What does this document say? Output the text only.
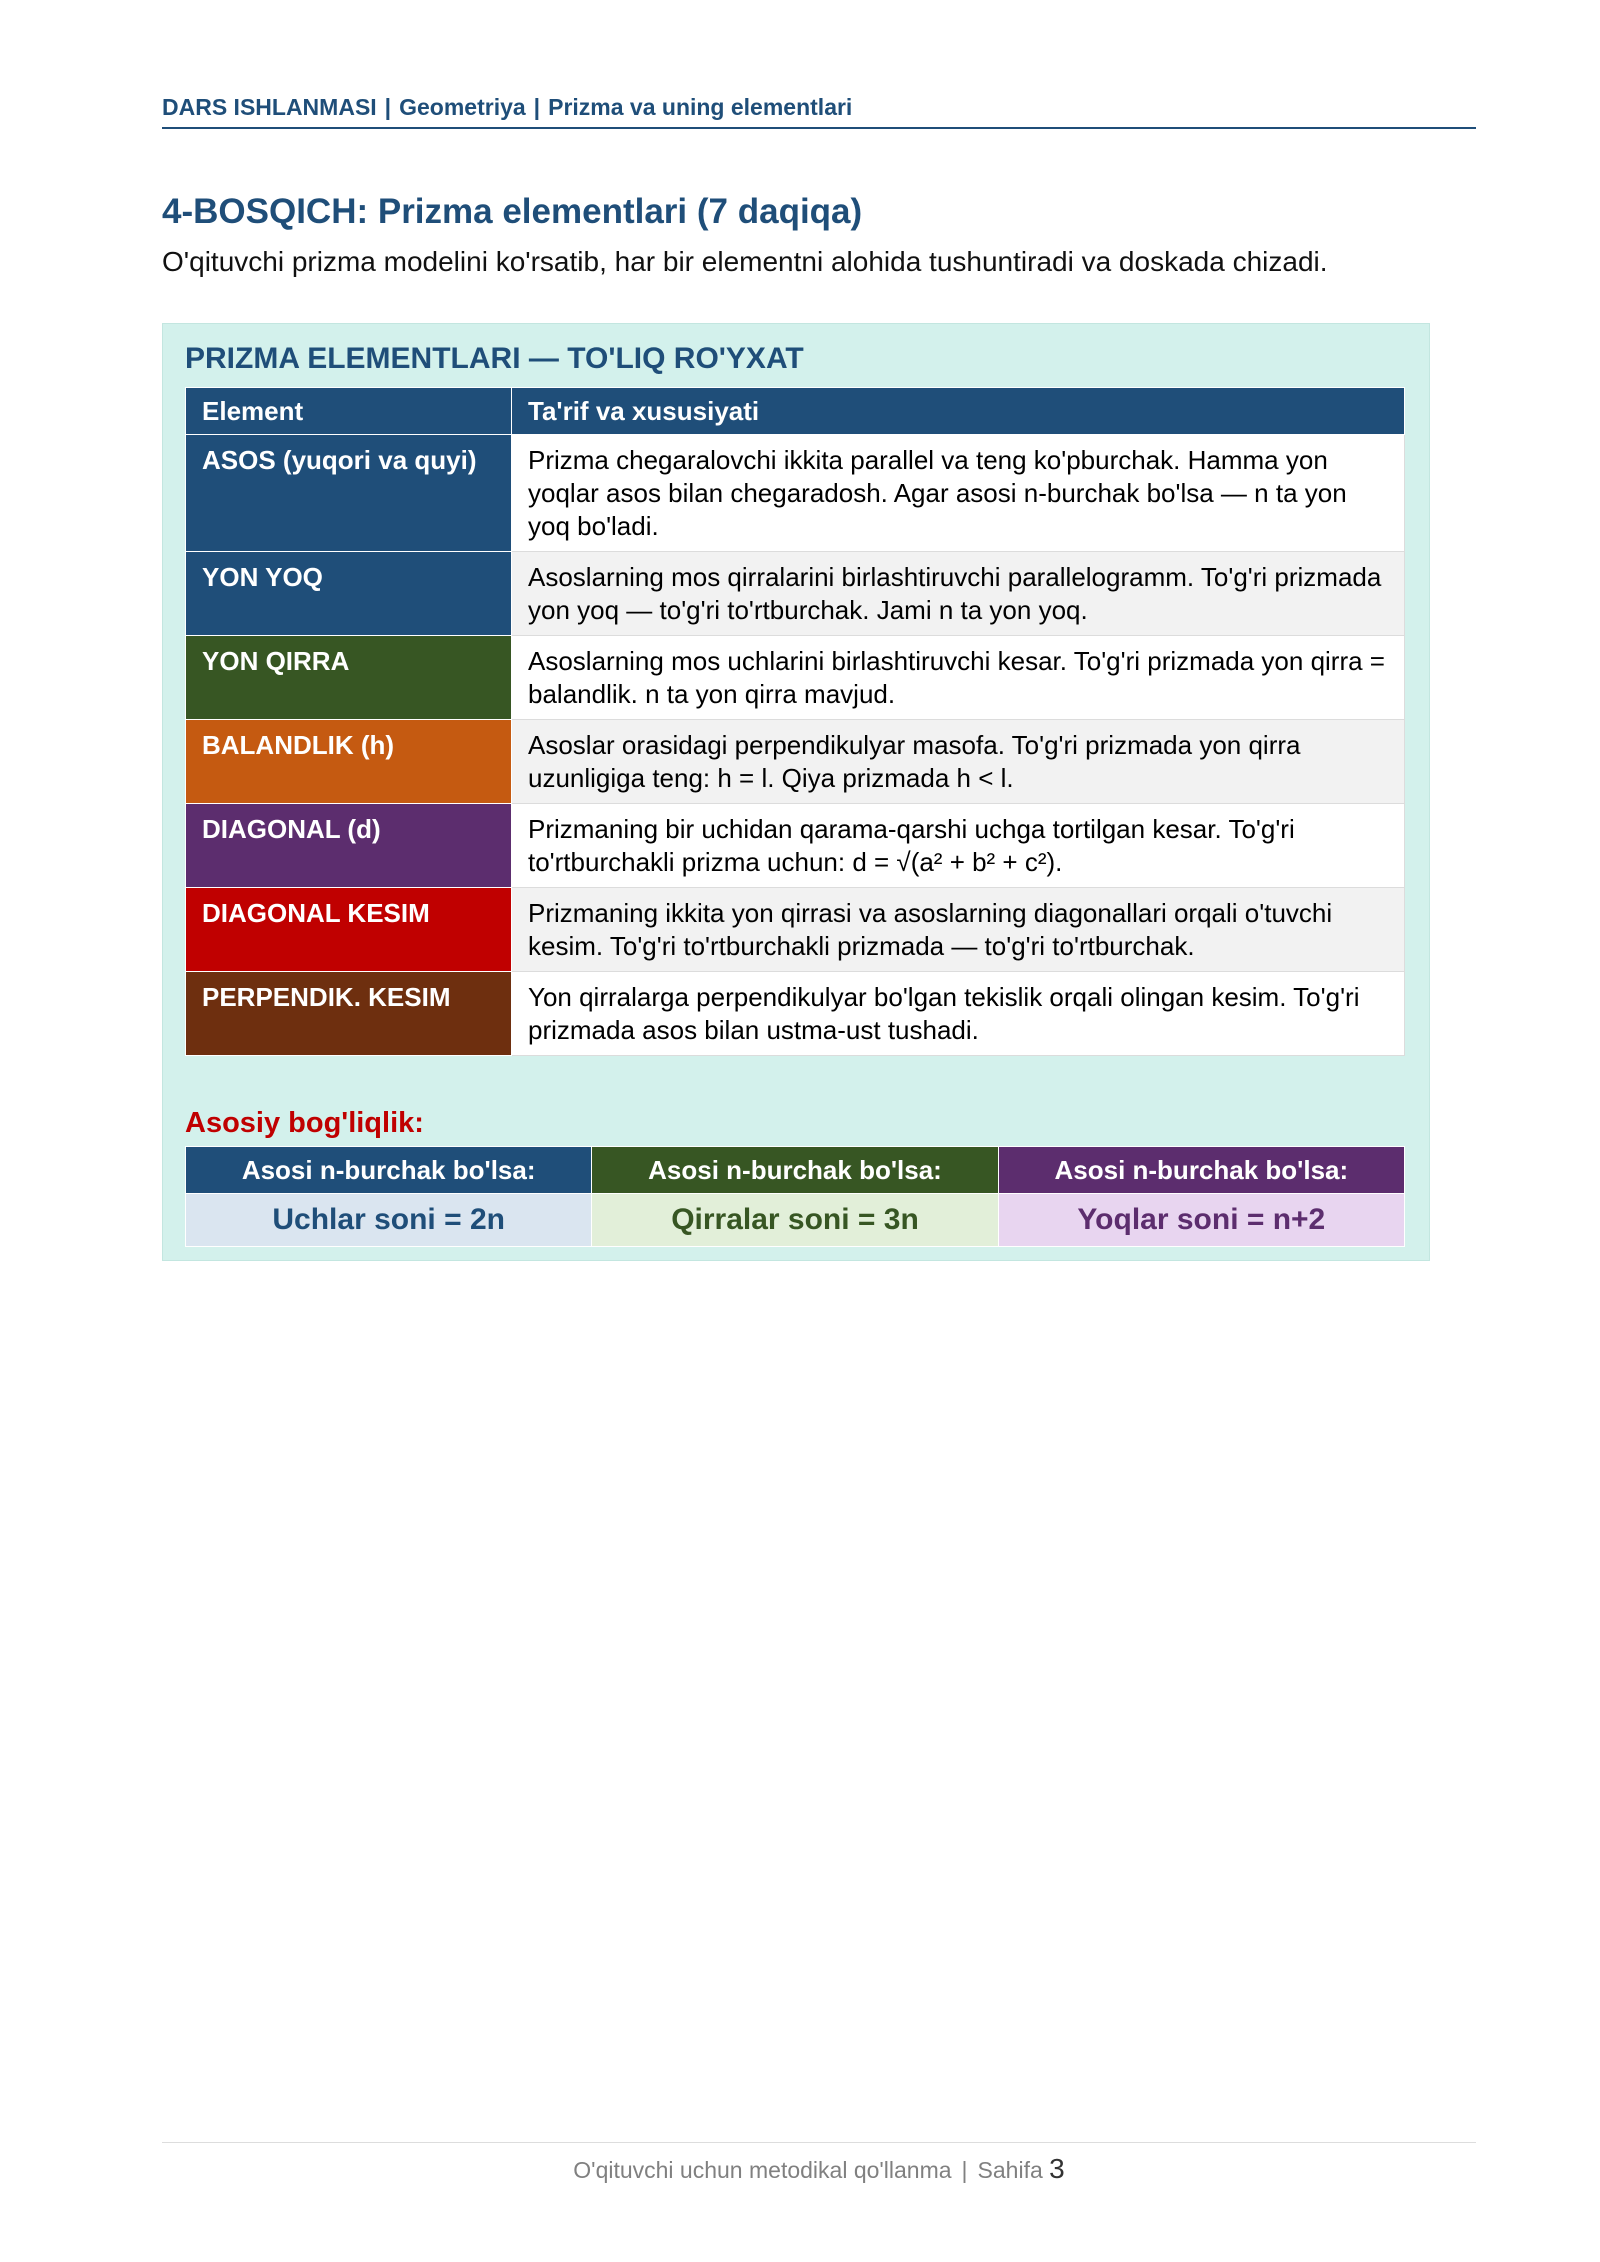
DARS ISHLANMASI | Geometriya | Prizma va uning elementlari
4-BOSQICH: Prizma elementlari (7 daqiqa)
O'qituvchi prizma modelini ko'rsatib, har bir elementni alohida tushuntiradi va doskada chizadi.
PRIZMA ELEMENTLARI — TO'LIQ RO'YXAT
Element	Ta'rif va xususiyati
ASOS (yuqori va quyi)	Prizma chegaralovchi ikkita parallel va teng ko'pburchak. Hamma yon yoqlar asos bilan chegaradosh. Agar asosi n-burchak bo'lsa — n ta yon yoq bo'ladi.
YON YOQ	Asoslarning mos qirralarini birlashtiruvchi parallelogramm. To'g'ri prizmada yon yoq — to'g'ri to'rtburchak. Jami n ta yon yoq.
YON QIRRA	Asoslarning mos uchlarini birlashtiruvchi kesar. To'g'ri prizmada yon qirra = balandlik. n ta yon qirra mavjud.
BALANDLIK (h)	Asoslar orasidagi perpendikulyar masofa. To'g'ri prizmada yon qirra uzunligiga teng: h = l. Qiya prizmada h < l.
DIAGONAL (d)	Prizmaning bir uchidan qarama-qarshi uchga tortilgan kesar. To'g'ri to'rtburchakli prizma uchun: d = √(a² + b² + c²).
DIAGONAL KESIM	Prizmaning ikkita yon qirrasi va asoslarning diagonallari orqali o'tuvchi kesim. To'g'ri to'rtburchakli prizmada — to'g'ri to'rtburchak.
PERPENDIK. KESIM	Yon qirralarga perpendikulyar bo'lgan tekislik orqali olingan kesim. To'g'ri prizmada asos bilan ustma-ust tushadi.
Asosiy bog'liqlik:
Asosi n-burchak bo'lsa:	Asosi n-burchak bo'lsa:	Asosi n-burchak bo'lsa:
Uchlar soni = 2n	Qirralar soni = 3n	Yoqlar soni = n+2
O'qituvchi uchun metodikal qo'llanma | Sahifa 3
